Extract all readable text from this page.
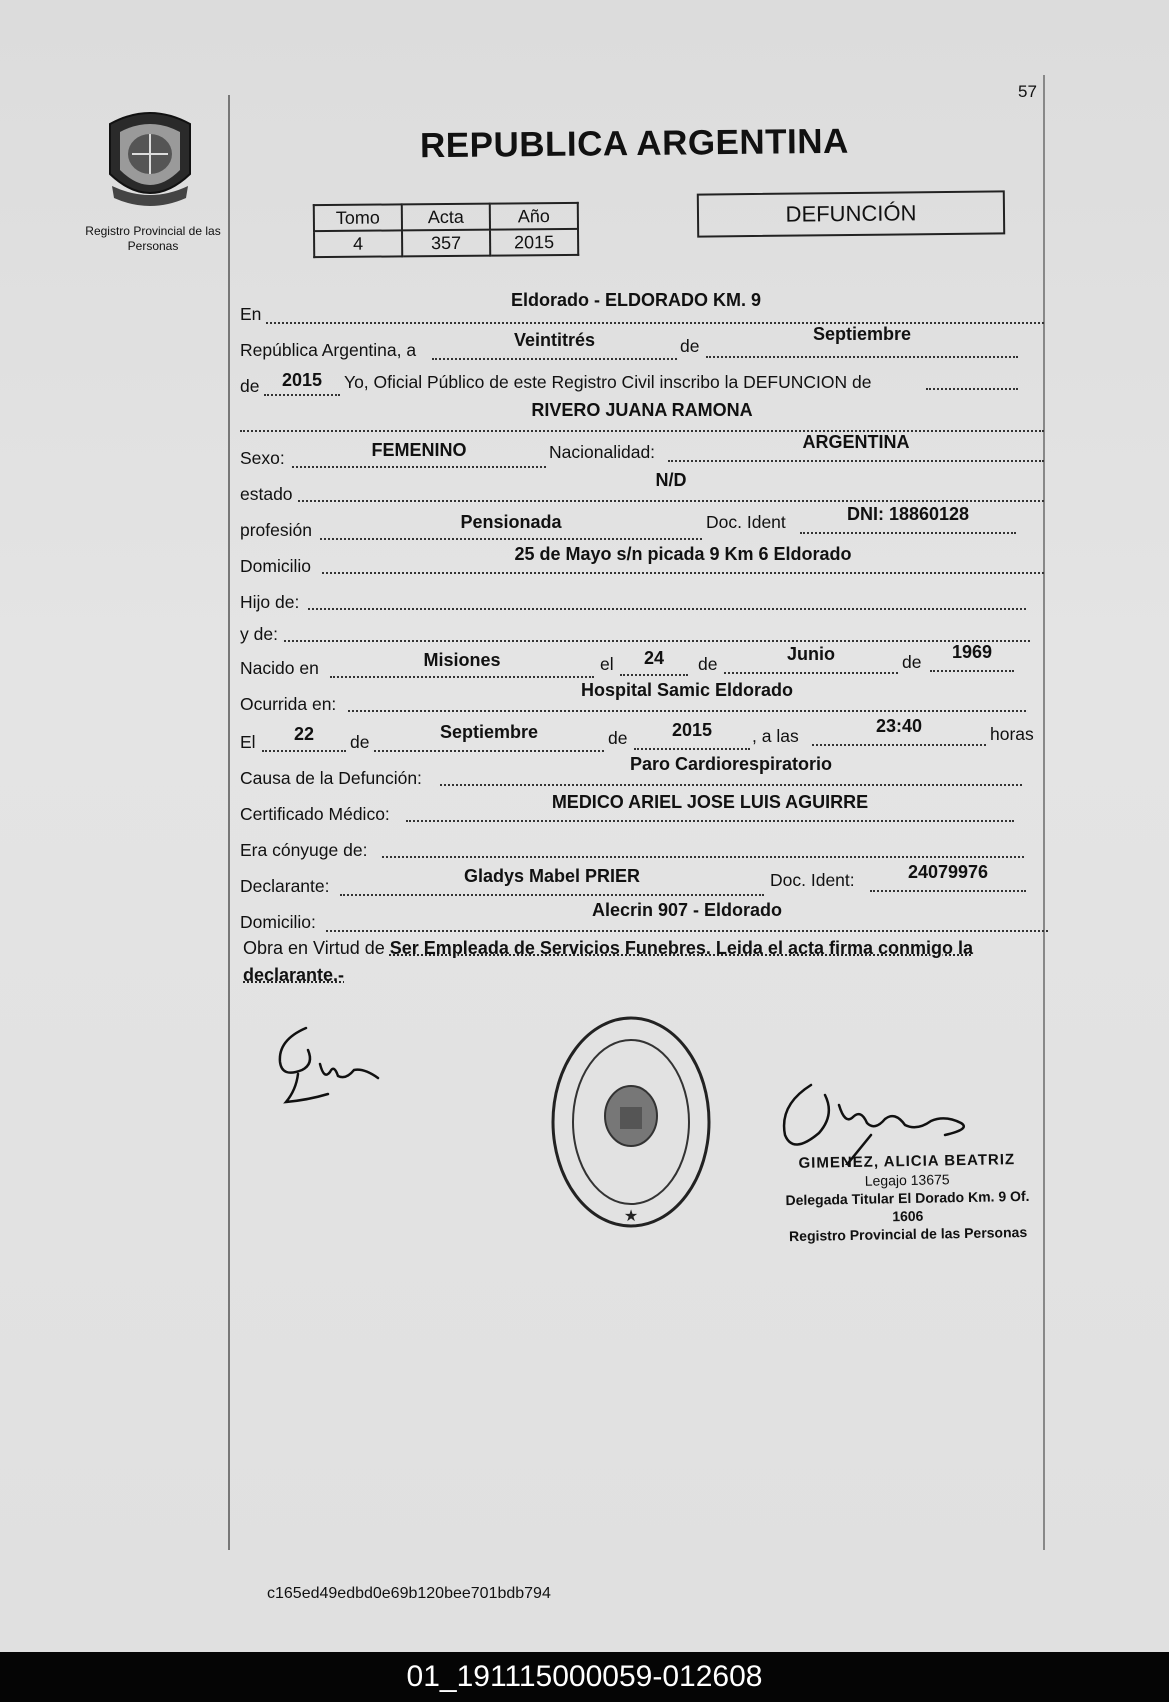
57
Registro Provincial de las Personas
REPUBLICA ARGENTINA
Tomo	Acta	Año
4	357	2015
DEFUNCIÓN
En
Eldorado - ELDORADO KM. 9
República Argentina, a	Veintitrés	de
Septiembre
de	2015	Yo, Oficial Público de este Registro Civil inscribo la DEFUNCION de
RIVERO JUANA RAMONA
Sexo:	FEMENINO	Nacionalidad:	ARGENTINA
estado
N/D
profesión	Pensionada	Doc. Ident	DNI: 18860128
Domicilio
25 de Mayo s/n picada 9 Km 6 Eldorado
Hijo de:
y de:
Nacido en	Misiones	el	24	de	Junio	de	1969
Ocurrida en:
Hospital Samic Eldorado
El	22	de	Septiembre	de	2015	, a las	23:40	horas
Causa de la Defunción:
Paro Cardiorespiratorio
Certificado Médico:
MEDICO ARIEL JOSE LUIS AGUIRRE
Era cónyuge de:
Declarante:	Gladys Mabel PRIER	Doc. Ident:	24079976
Domicilio:
Alecrin 907 - Eldorado
Obra en Virtud de Ser Empleada de Servicios Funebres. Leida el acta firma conmigo la declarante.-
★
GIMENEZ, ALICIA BEATRIZ
Legajo 13675
Delegada Titular El Dorado Km. 9 Of. 1606
Registro Provincial de las Personas
c165ed49edbd0e69b120bee701bdb794
01_191115000059-012608
